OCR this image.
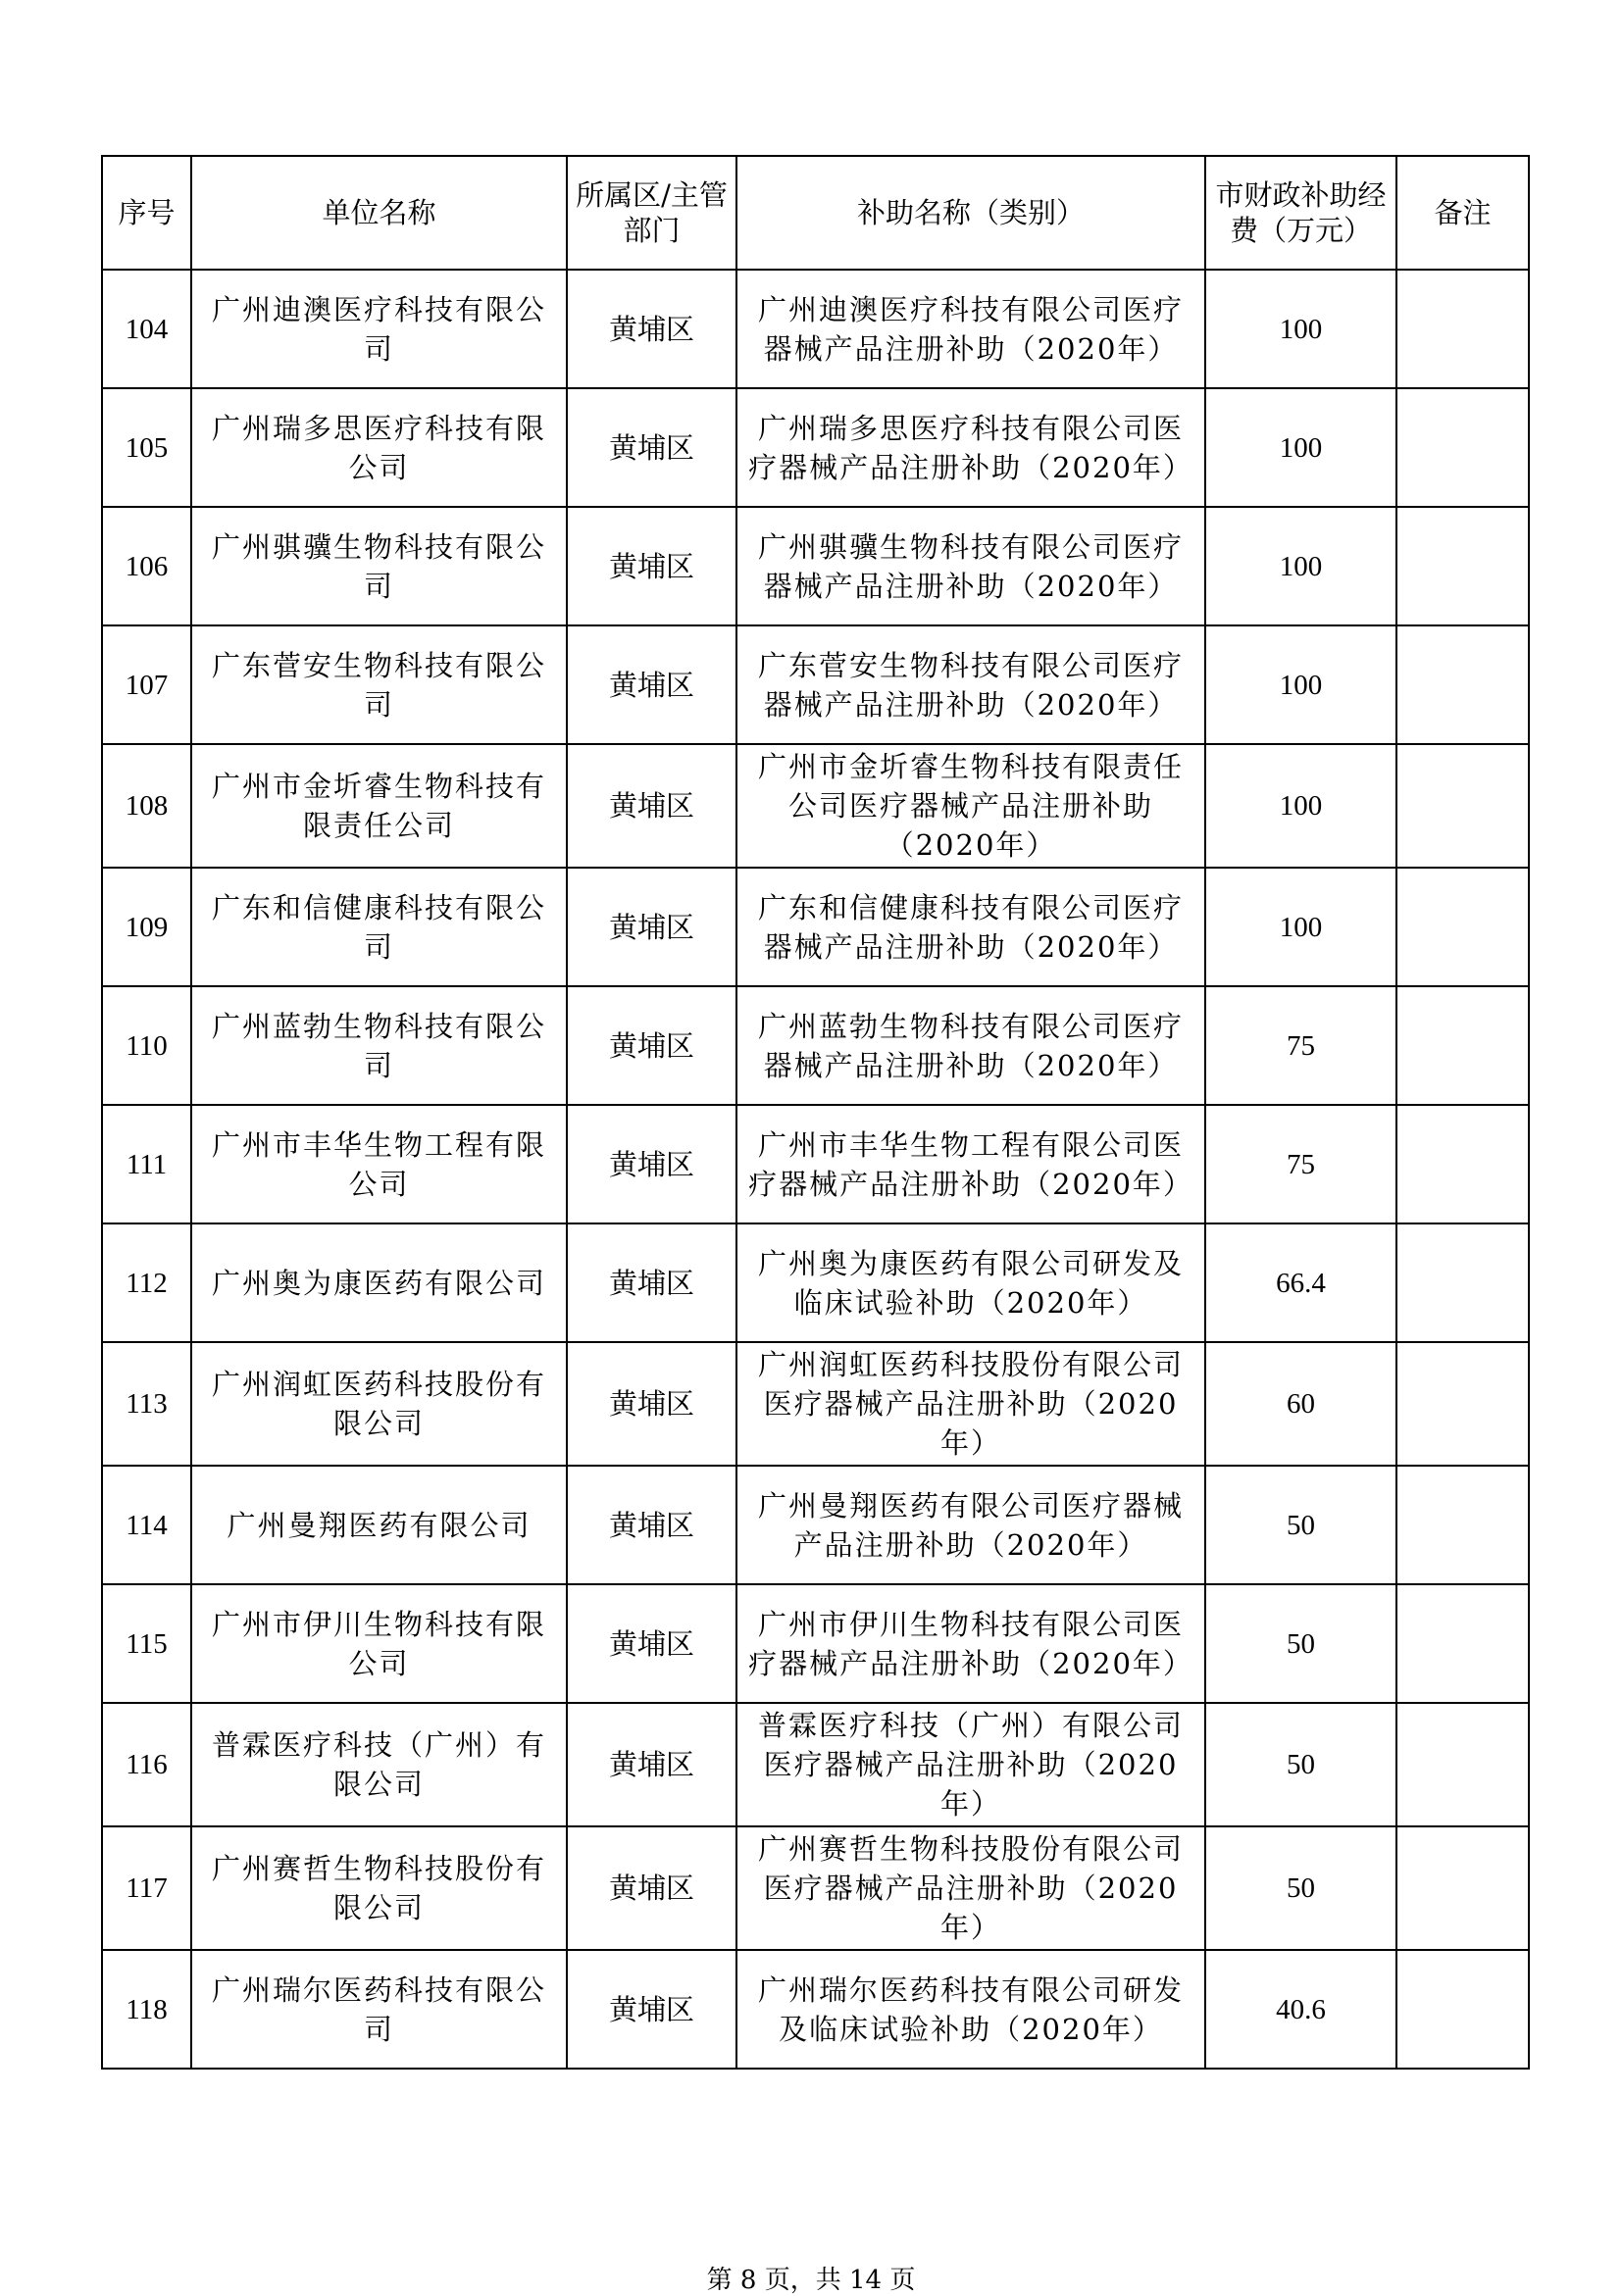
序号	单位名称	所属区/主管部门	补助名称（类别）	市财政补助经费（万元）	备注
104	广州迪澳医疗科技有限公司	黄埔区	广州迪澳医疗科技有限公司医疗器械产品注册补助（2020年）	100	
105	广州瑞多思医疗科技有限公司	黄埔区	广州瑞多思医疗科技有限公司医疗器械产品注册补助（2020年）	100	
106	广州骐骥生物科技有限公司	黄埔区	广州骐骥生物科技有限公司医疗器械产品注册补助（2020年）	100	
107	广东菅安生物科技有限公司	黄埔区	广东菅安生物科技有限公司医疗器械产品注册补助（2020年）	100	
108	广州市金圻睿生物科技有限责任公司	黄埔区	广州市金圻睿生物科技有限责任公司医疗器械产品注册补助（2020年）	100	
109	广东和信健康科技有限公司	黄埔区	广东和信健康科技有限公司医疗器械产品注册补助（2020年）	100	
110	广州蓝勃生物科技有限公司	黄埔区	广州蓝勃生物科技有限公司医疗器械产品注册补助（2020年）	75	
111	广州市丰华生物工程有限公司	黄埔区	广州市丰华生物工程有限公司医疗器械产品注册补助（2020年）	75	
112	广州奥为康医药有限公司	黄埔区	广州奥为康医药有限公司研发及临床试验补助（2020年）	66.4	
113	广州润虹医药科技股份有限公司	黄埔区	广州润虹医药科技股份有限公司医疗器械产品注册补助（2020年）	60	
114	广州曼翔医药有限公司	黄埔区	广州曼翔医药有限公司医疗器械产品注册补助（2020年）	50	
115	广州市伊川生物科技有限公司	黄埔区	广州市伊川生物科技有限公司医疗器械产品注册补助（2020年）	50	
116	普霖医疗科技（广州）有限公司	黄埔区	普霖医疗科技（广州）有限公司医疗器械产品注册补助（2020年）	50	
117	广州赛哲生物科技股份有限公司	黄埔区	广州赛哲生物科技股份有限公司医疗器械产品注册补助（2020年）	50	
118	广州瑞尔医药科技有限公司	黄埔区	广州瑞尔医药科技有限公司研发及临床试验补助（2020年）	40.6	
第 8 页，共 14 页
